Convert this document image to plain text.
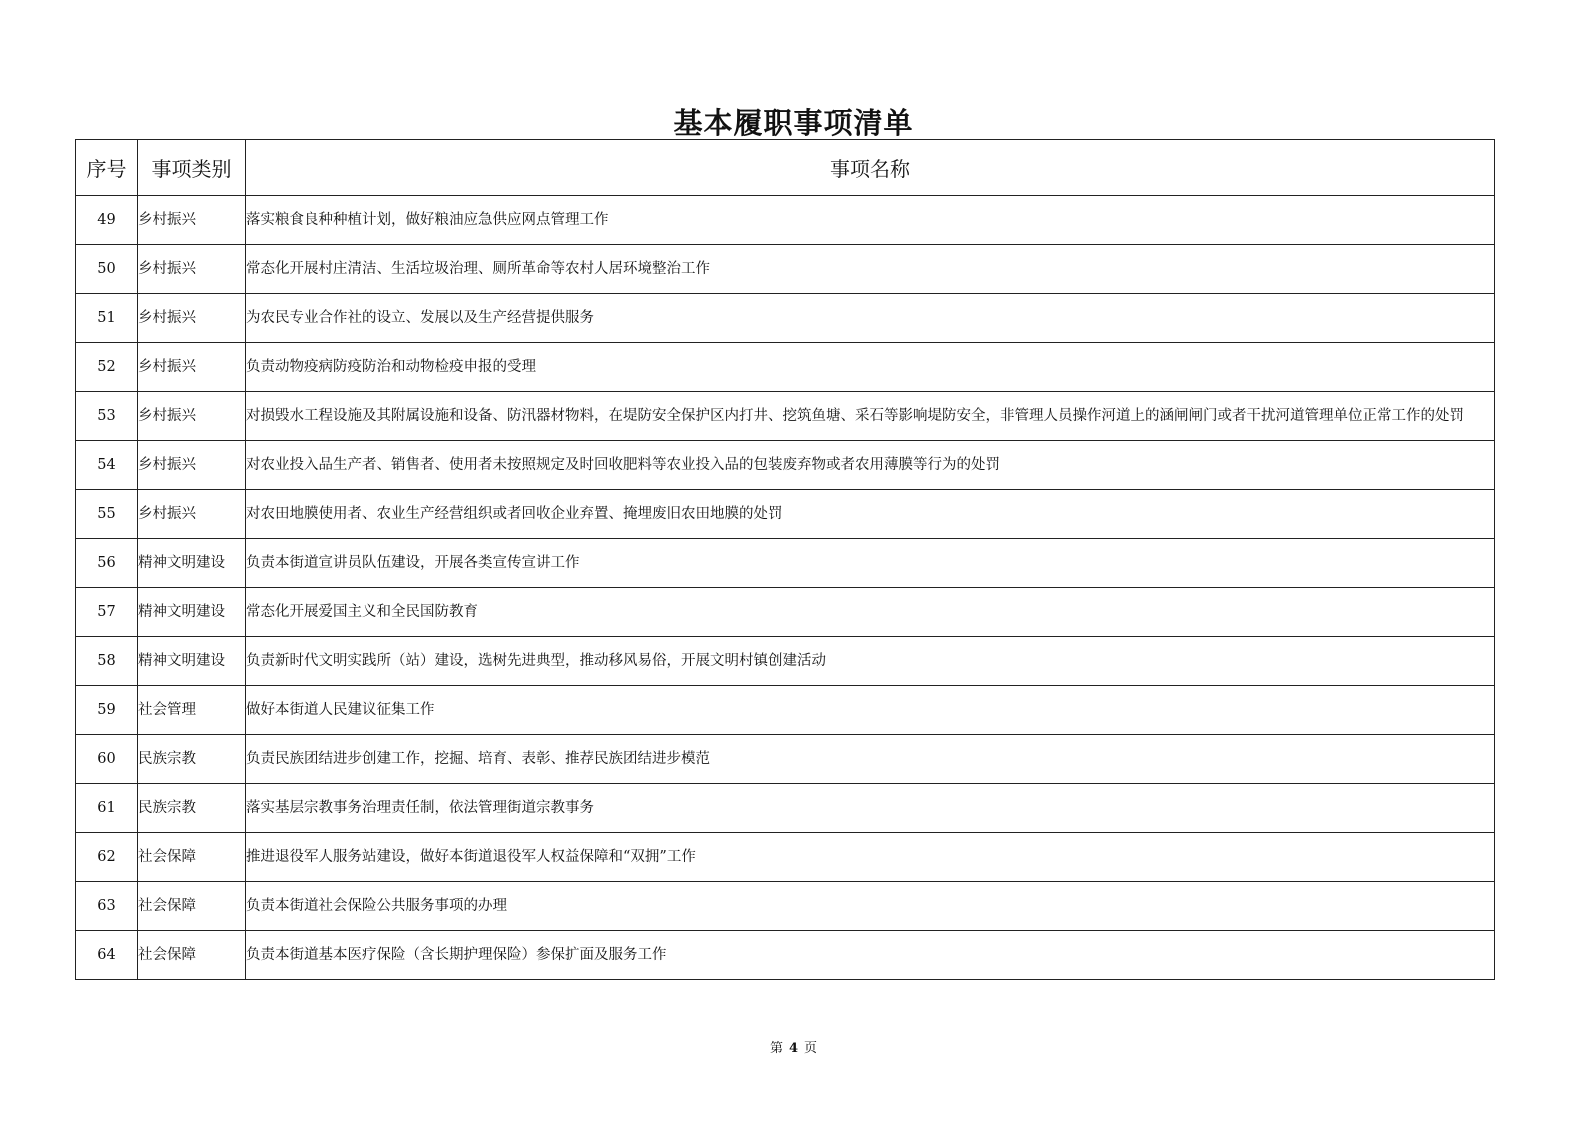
基本履职事项清单
序号	事项类别	事项名称
49	乡村振兴	落实粮食良种种植计划，做好粮油应急供应网点管理工作
50	乡村振兴	常态化开展村庄清洁、生活垃圾治理、厕所革命等农村人居环境整治工作
51	乡村振兴	为农民专业合作社的设立、发展以及生产经营提供服务
52	乡村振兴	负责动物疫病防疫防治和动物检疫申报的受理
53	乡村振兴	对损毁水工程设施及其附属设施和设备、防汛器材物料，在堤防安全保护区内打井、挖筑鱼塘、采石等影响堤防安全，非管理人员操作河道上的涵闸闸门或者干扰河道管理单位正常工作的处罚
54	乡村振兴	对农业投入品生产者、销售者、使用者未按照规定及时回收肥料等农业投入品的包装废弃物或者农用薄膜等行为的处罚
55	乡村振兴	对农田地膜使用者、农业生产经营组织或者回收企业弃置、掩埋废旧农田地膜的处罚
56	精神文明建设	负责本街道宣讲员队伍建设，开展各类宣传宣讲工作
57	精神文明建设	常态化开展爱国主义和全民国防教育
58	精神文明建设	负责新时代文明实践所（站）建设，选树先进典型，推动移风易俗，开展文明村镇创建活动
59	社会管理	做好本街道人民建议征集工作
60	民族宗教	负责民族团结进步创建工作，挖掘、培育、表彰、推荐民族团结进步模范
61	民族宗教	落实基层宗教事务治理责任制，依法管理街道宗教事务
62	社会保障	推进退役军人服务站建设，做好本街道退役军人权益保障和“双拥”工作
63	社会保障	负责本街道社会保险公共服务事项的办理
64	社会保障	负责本街道基本医疗保险（含长期护理保险）参保扩面及服务工作
第 4 页
